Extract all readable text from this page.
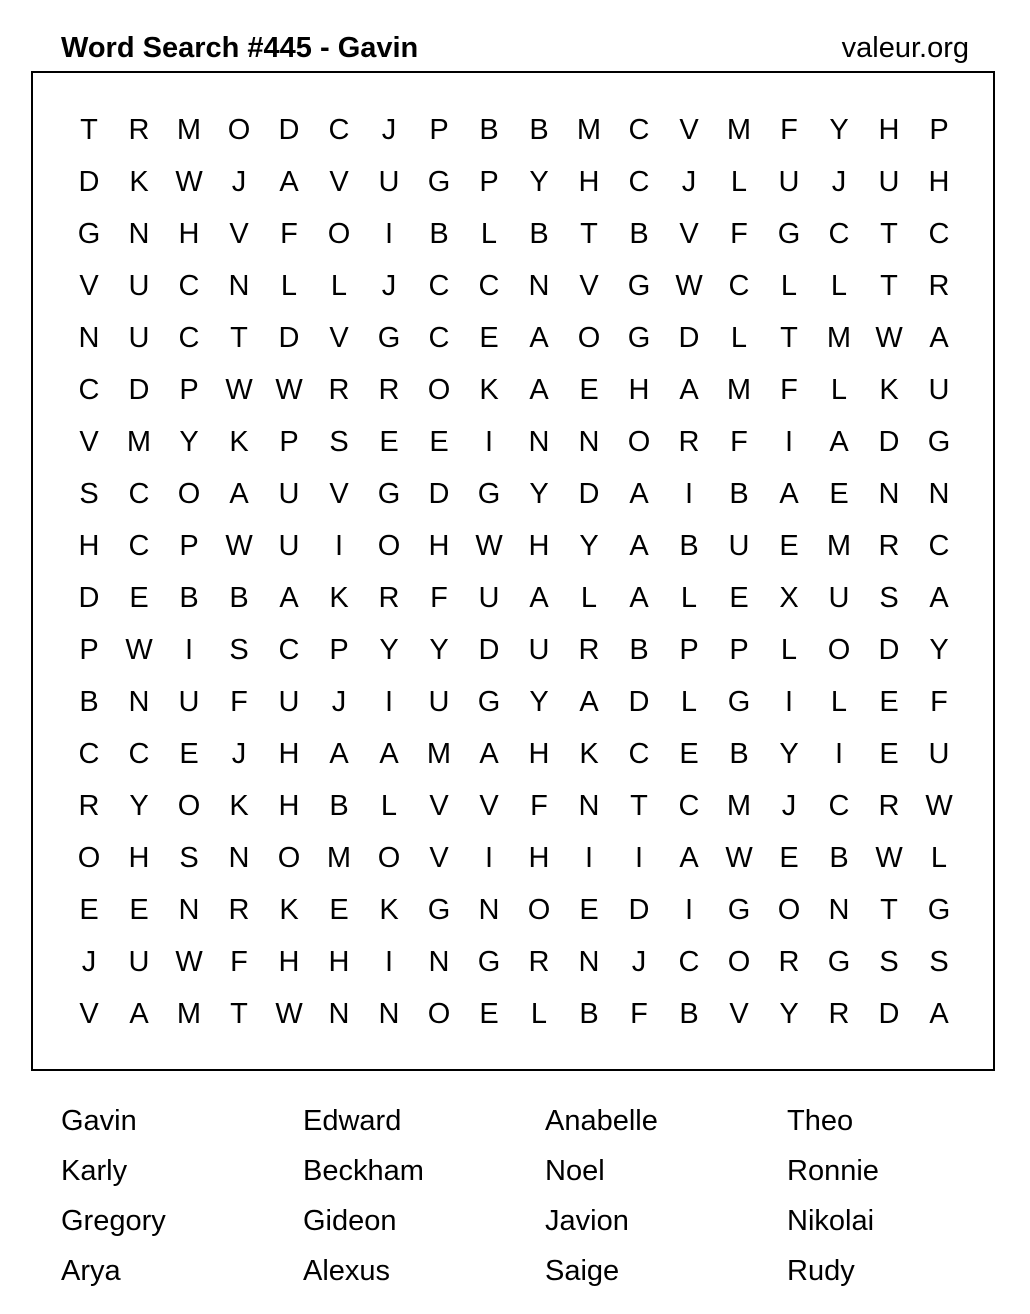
Word Search #445 - Gavin	valeur.org
T	R M O D	C	J	P	B	B M C	V M	F	Y	H	P
D	K W	J	A	V	U G	P	Y	H	C	J	L	U	J	U	H
G N	H	V	F	O	I	B	L	B	T	B	V	F	G C	T	C
V	U	C	N	L	L	J	C	C	N	V	G W C	L	L	T	R
N	U	C	T	D	V	G C	E	A	O G D	L	T	M W A
C	D	P W W R	R O	K	A	E	H	A M	F	L	K	U
V M Y	K	P	S	E	E	I	N	N O R	F	I	A	D G
S	C O	A	U	V	G D G	Y	D	A	I	B	A	E	N	N
H	C	P W U	I	O H W H	Y	A	B	U	E M R	C
D	E	B	B	A	K	R	F	U	A	L	A	L	E	X	U	S	A
P W	I	S	C	P	Y	Y	D	U	R	B	P	P	L	O D	Y
B	N	U	F	U	J	I	U G	Y	A	D	L	G	I	L	E	F
C	C	E	J	H	A	A M A	H	K	C	E	B	Y	I	E	U
R	Y	O	K	H	B	L	V	V	F	N	T	C M	J	C	R W
O H	S	N O M O	V	I	H	I	I	A W E	B W L
E	E	N	R	K	E	K	G N O	E	D	I	G O N	T	G
J	U W F	H	H	I	N G R	N	J	C O R G	S	S
V	A M	T W N	N O	E	L	B	F	B	V	Y	R	D	A
Gavin	Edward	Anabelle	Theo
Karly	Beckham	Noel	Ronnie
Gregory	Gideon	Javion	Nikolai
Arya	Alexus	Saige	Rudy
